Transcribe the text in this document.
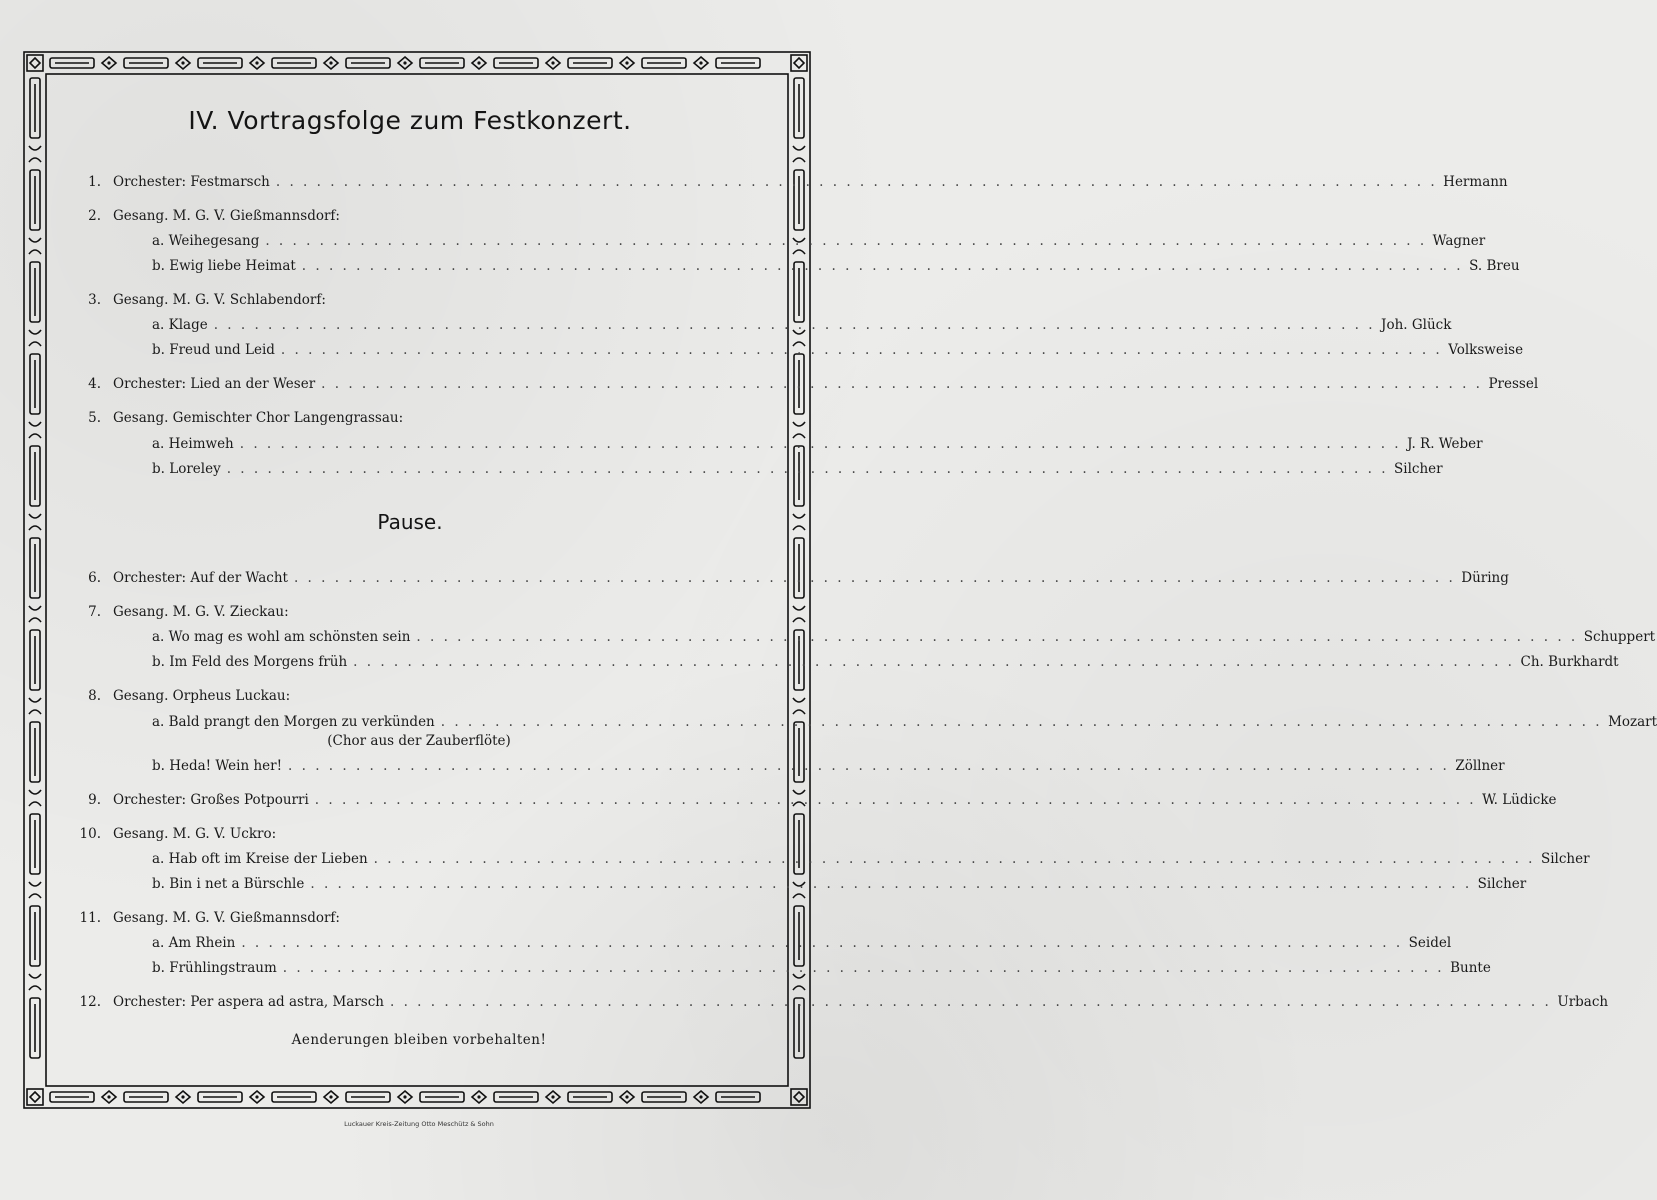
IV. Vortragsfolge zum Festkonzert.
1. Orchester: Festmarsch . . . . . . . . . . . . . . . . . . . . . . . . . . . . . . . . . . . . . . . . . . . . . . . . . . . . . . . . . . . . . . . . . . . . . . . . . . . . . . . . . . . . . . Hermann
2. Gesang. M. G. V. Gießmannsdorf:
a. Weihegesang . . . . . . . . . . . . . . . . . . . . . . . . . . . . . . . . . . . . . . . . . . . . . . . . . . . . . . . . . . . . . . . . . . . . . . . . . . . . . . . . . . . . . . Wagner
b. Ewig liebe Heimat . . . . . . . . . . . . . . . . . . . . . . . . . . . . . . . . . . . . . . . . . . . . . . . . . . . . . . . . . . . . . . . . . . . . . . . . . . . . . . . . . . . . . . S. Breu
3. Gesang. M. G. V. Schlabendorf:
a. Klage . . . . . . . . . . . . . . . . . . . . . . . . . . . . . . . . . . . . . . . . . . . . . . . . . . . . . . . . . . . . . . . . . . . . . . . . . . . . . . . . . . . . . . Joh. Glück
b. Freud und Leid . . . . . . . . . . . . . . . . . . . . . . . . . . . . . . . . . . . . . . . . . . . . . . . . . . . . . . . . . . . . . . . . . . . . . . . . . . . . . . . . . . . . . . Volksweise
4. Orchester: Lied an der Weser . . . . . . . . . . . . . . . . . . . . . . . . . . . . . . . . . . . . . . . . . . . . . . . . . . . . . . . . . . . . . . . . . . . . . . . . . . . . . . . . . . . . . . Pressel
5. Gesang. Gemischter Chor Langengrassau:
a. Heimweh . . . . . . . . . . . . . . . . . . . . . . . . . . . . . . . . . . . . . . . . . . . . . . . . . . . . . . . . . . . . . . . . . . . . . . . . . . . . . . . . . . . . . . J. R. Weber
b. Loreley . . . . . . . . . . . . . . . . . . . . . . . . . . . . . . . . . . . . . . . . . . . . . . . . . . . . . . . . . . . . . . . . . . . . . . . . . . . . . . . . . . . . . . Silcher
Pause.
6. Orchester: Auf der Wacht . . . . . . . . . . . . . . . . . . . . . . . . . . . . . . . . . . . . . . . . . . . . . . . . . . . . . . . . . . . . . . . . . . . . . . . . . . . . . . . . . . . . . . Düring
7. Gesang. M. G. V. Zieckau:
a. Wo mag es wohl am schönsten sein . . . . . . . . . . . . . . . . . . . . . . . . . . . . . . . . . . . . . . . . . . . . . . . . . . . . . . . . . . . . . . . . . . . . . . . . . . . . . . . . . . . . . . Schuppert
b. Im Feld des Morgens früh . . . . . . . . . . . . . . . . . . . . . . . . . . . . . . . . . . . . . . . . . . . . . . . . . . . . . . . . . . . . . . . . . . . . . . . . . . . . . . . . . . . . . . Ch. Burkhardt
8. Gesang. Orpheus Luckau:
a. Bald prangt den Morgen zu verkünden . . . . . . . . . . . . . . . . . . . . . . . . . . . . . . . . . . . . . . . . . . . . . . . . . . . . . . . . . . . . . . . . . . . . . . . . . . . . . . . . . . . . . . Mozart
(Chor aus der Zauberflöte)
b. Heda! Wein her! . . . . . . . . . . . . . . . . . . . . . . . . . . . . . . . . . . . . . . . . . . . . . . . . . . . . . . . . . . . . . . . . . . . . . . . . . . . . . . . . . . . . . . Zöllner
9. Orchester: Großes Potpourri . . . . . . . . . . . . . . . . . . . . . . . . . . . . . . . . . . . . . . . . . . . . . . . . . . . . . . . . . . . . . . . . . . . . . . . . . . . . . . . . . . . . . . W. Lüdicke
10. Gesang. M. G. V. Uckro:
a. Hab oft im Kreise der Lieben . . . . . . . . . . . . . . . . . . . . . . . . . . . . . . . . . . . . . . . . . . . . . . . . . . . . . . . . . . . . . . . . . . . . . . . . . . . . . . . . . . . . . . Silcher
b. Bin i net a Bürschle . . . . . . . . . . . . . . . . . . . . . . . . . . . . . . . . . . . . . . . . . . . . . . . . . . . . . . . . . . . . . . . . . . . . . . . . . . . . . . . . . . . . . . Silcher
11. Gesang. M. G. V. Gießmannsdorf:
a. Am Rhein . . . . . . . . . . . . . . . . . . . . . . . . . . . . . . . . . . . . . . . . . . . . . . . . . . . . . . . . . . . . . . . . . . . . . . . . . . . . . . . . . . . . . . Seidel
b. Frühlingstraum . . . . . . . . . . . . . . . . . . . . . . . . . . . . . . . . . . . . . . . . . . . . . . . . . . . . . . . . . . . . . . . . . . . . . . . . . . . . . . . . . . . . . . Bunte
12. Orchester: Per aspera ad astra, Marsch . . . . . . . . . . . . . . . . . . . . . . . . . . . . . . . . . . . . . . . . . . . . . . . . . . . . . . . . . . . . . . . . . . . . . . . . . . . . . . . . . . . . . . Urbach
Aenderungen bleiben vorbehalten!
Luckauer Kreis-Zeitung Otto Meschütz & Sohn
